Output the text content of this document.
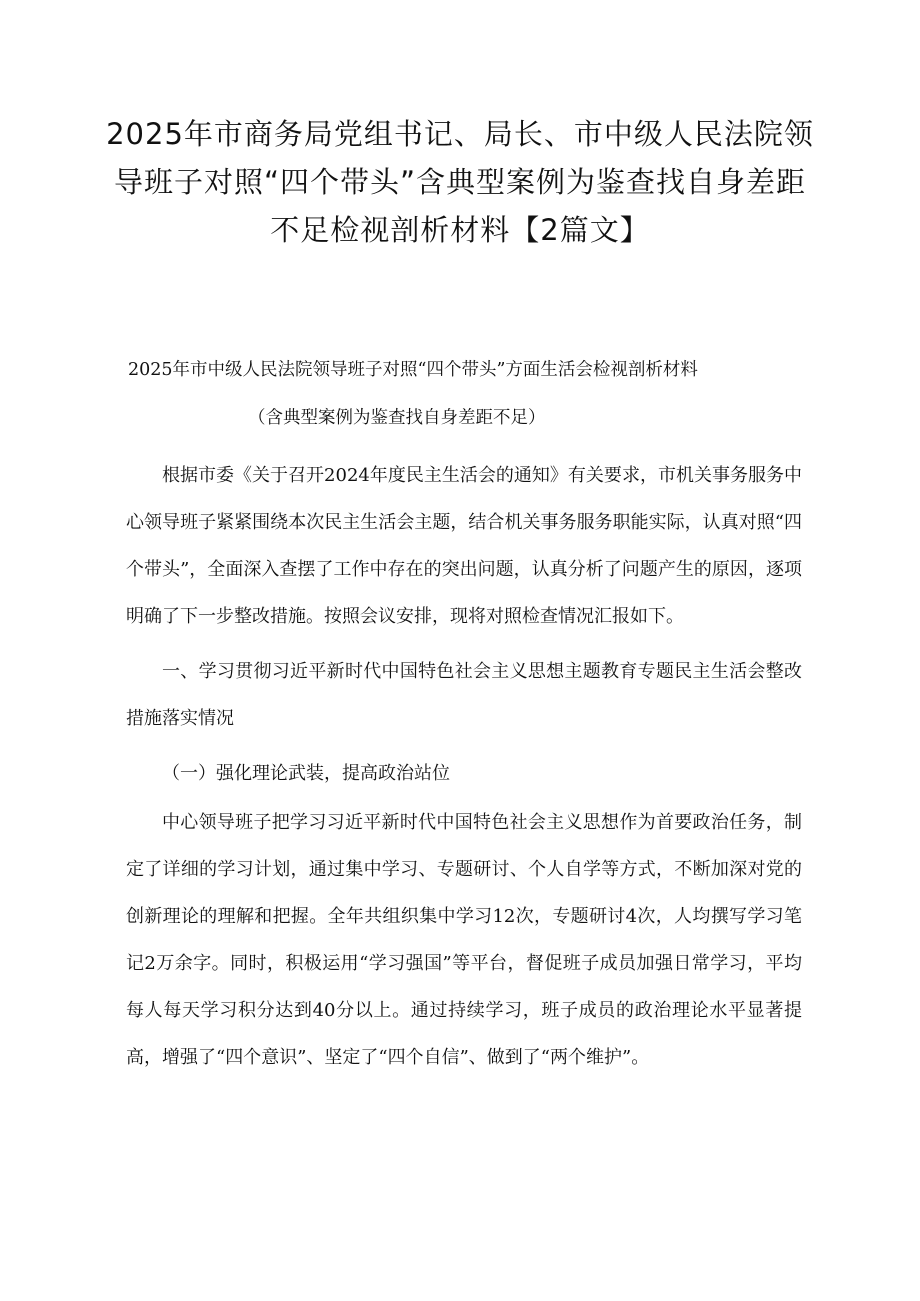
2025年市商务局党组书记、局长、市中级人民法院领
导班子对照“四个带头”含典型案例为鉴查找自身差距
不足检视剖析材料【2篇文】

2025年市中级人民法院领导班子对照“四个带头”方面生活会检视剖析材料

（含典型案例为鉴查找自身差距不足）

根据市委《关于召开2024年度民主生活会的通知》有关要求，市机关事务服务中心领导班子紧紧围绕本次民主生活会主题，结合机关事务服务职能实际，认真对照“四个带头”，全面深入查摆了工作中存在的突出问题，认真分析了问题产生的原因，逐项明确了下一步整改措施。按照会议安排，现将对照检查情况汇报如下。

一、学习贯彻习近平新时代中国特色社会主义思想主题教育专题民主生活会整改措施落实情况

（一）强化理论武装，提高政治站位

中心领导班子把学习习近平新时代中国特色社会主义思想作为首要政治任务，制定了详细的学习计划，通过集中学习、专题研讨、个人自学等方式，不断加深对党的创新理论的理解和把握。全年共组织集中学习12次，专题研讨4次，人均撰写学习笔记2万余字。同时，积极运用“学习强国”等平台，督促班子成员加强日常学习，平均每人每天学习积分达到40分以上。通过持续学习，班子成员的政治理论水平显著提高，增强了“四个意识”、坚定了“四个自信”、做到了“两个维护”。
